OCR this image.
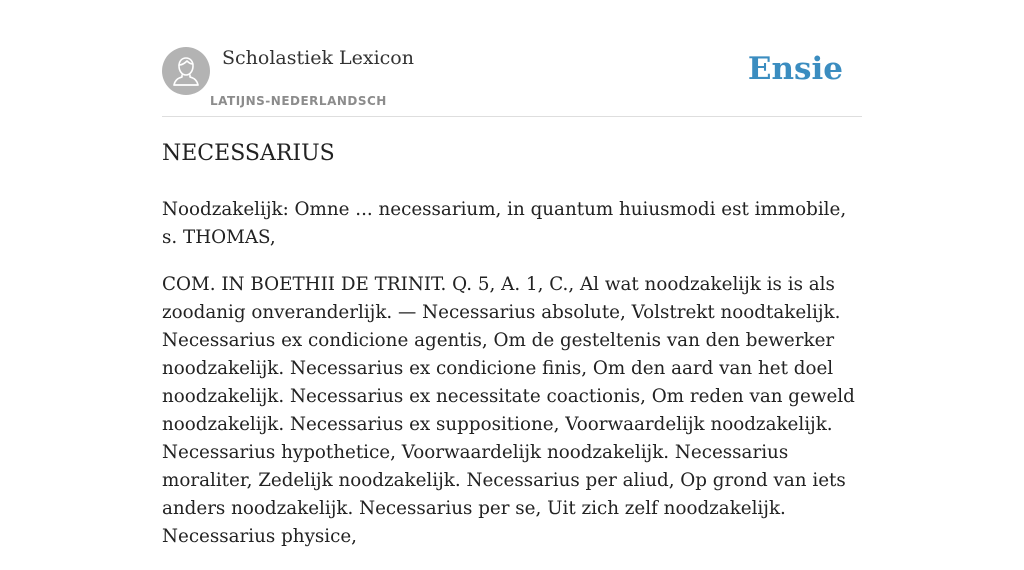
Scholastiek Lexicon
LATIJNS-NEDERLANDSCH
Ensie
NECESSARIUS

Noodzakelijk: Omne ... necessarium, in quantum huiusmodi est immobile, s. THOMAS,

COM. IN BOETHII DE TRINIT. Q. 5, A. 1, C., Al wat noodzakelijk is is als zoodanig onveranderlijk. — Necessarius absolute, Volstrekt noodtakelijk. Necessarius ex condicione agentis, Om de gesteltenis van den bewerker noodzakelijk. Necessarius ex condicione finis, Om den aard van het doel noodzakelijk. Necessarius ex necessitate coactionis, Om reden van geweld noodzakelijk. Necessarius ex suppositione, Voorwaardelijk noodzakelijk. Necessarius hypothetice, Voorwaardelijk noodzakelijk. Necessarius moraliter, Zedelijk noodzakelijk. Necessarius per aliud, Op grond van iets anders noodzakelijk. Necessarius per se, Uit zich zelf noodzakelijk. Necessarius physice,
